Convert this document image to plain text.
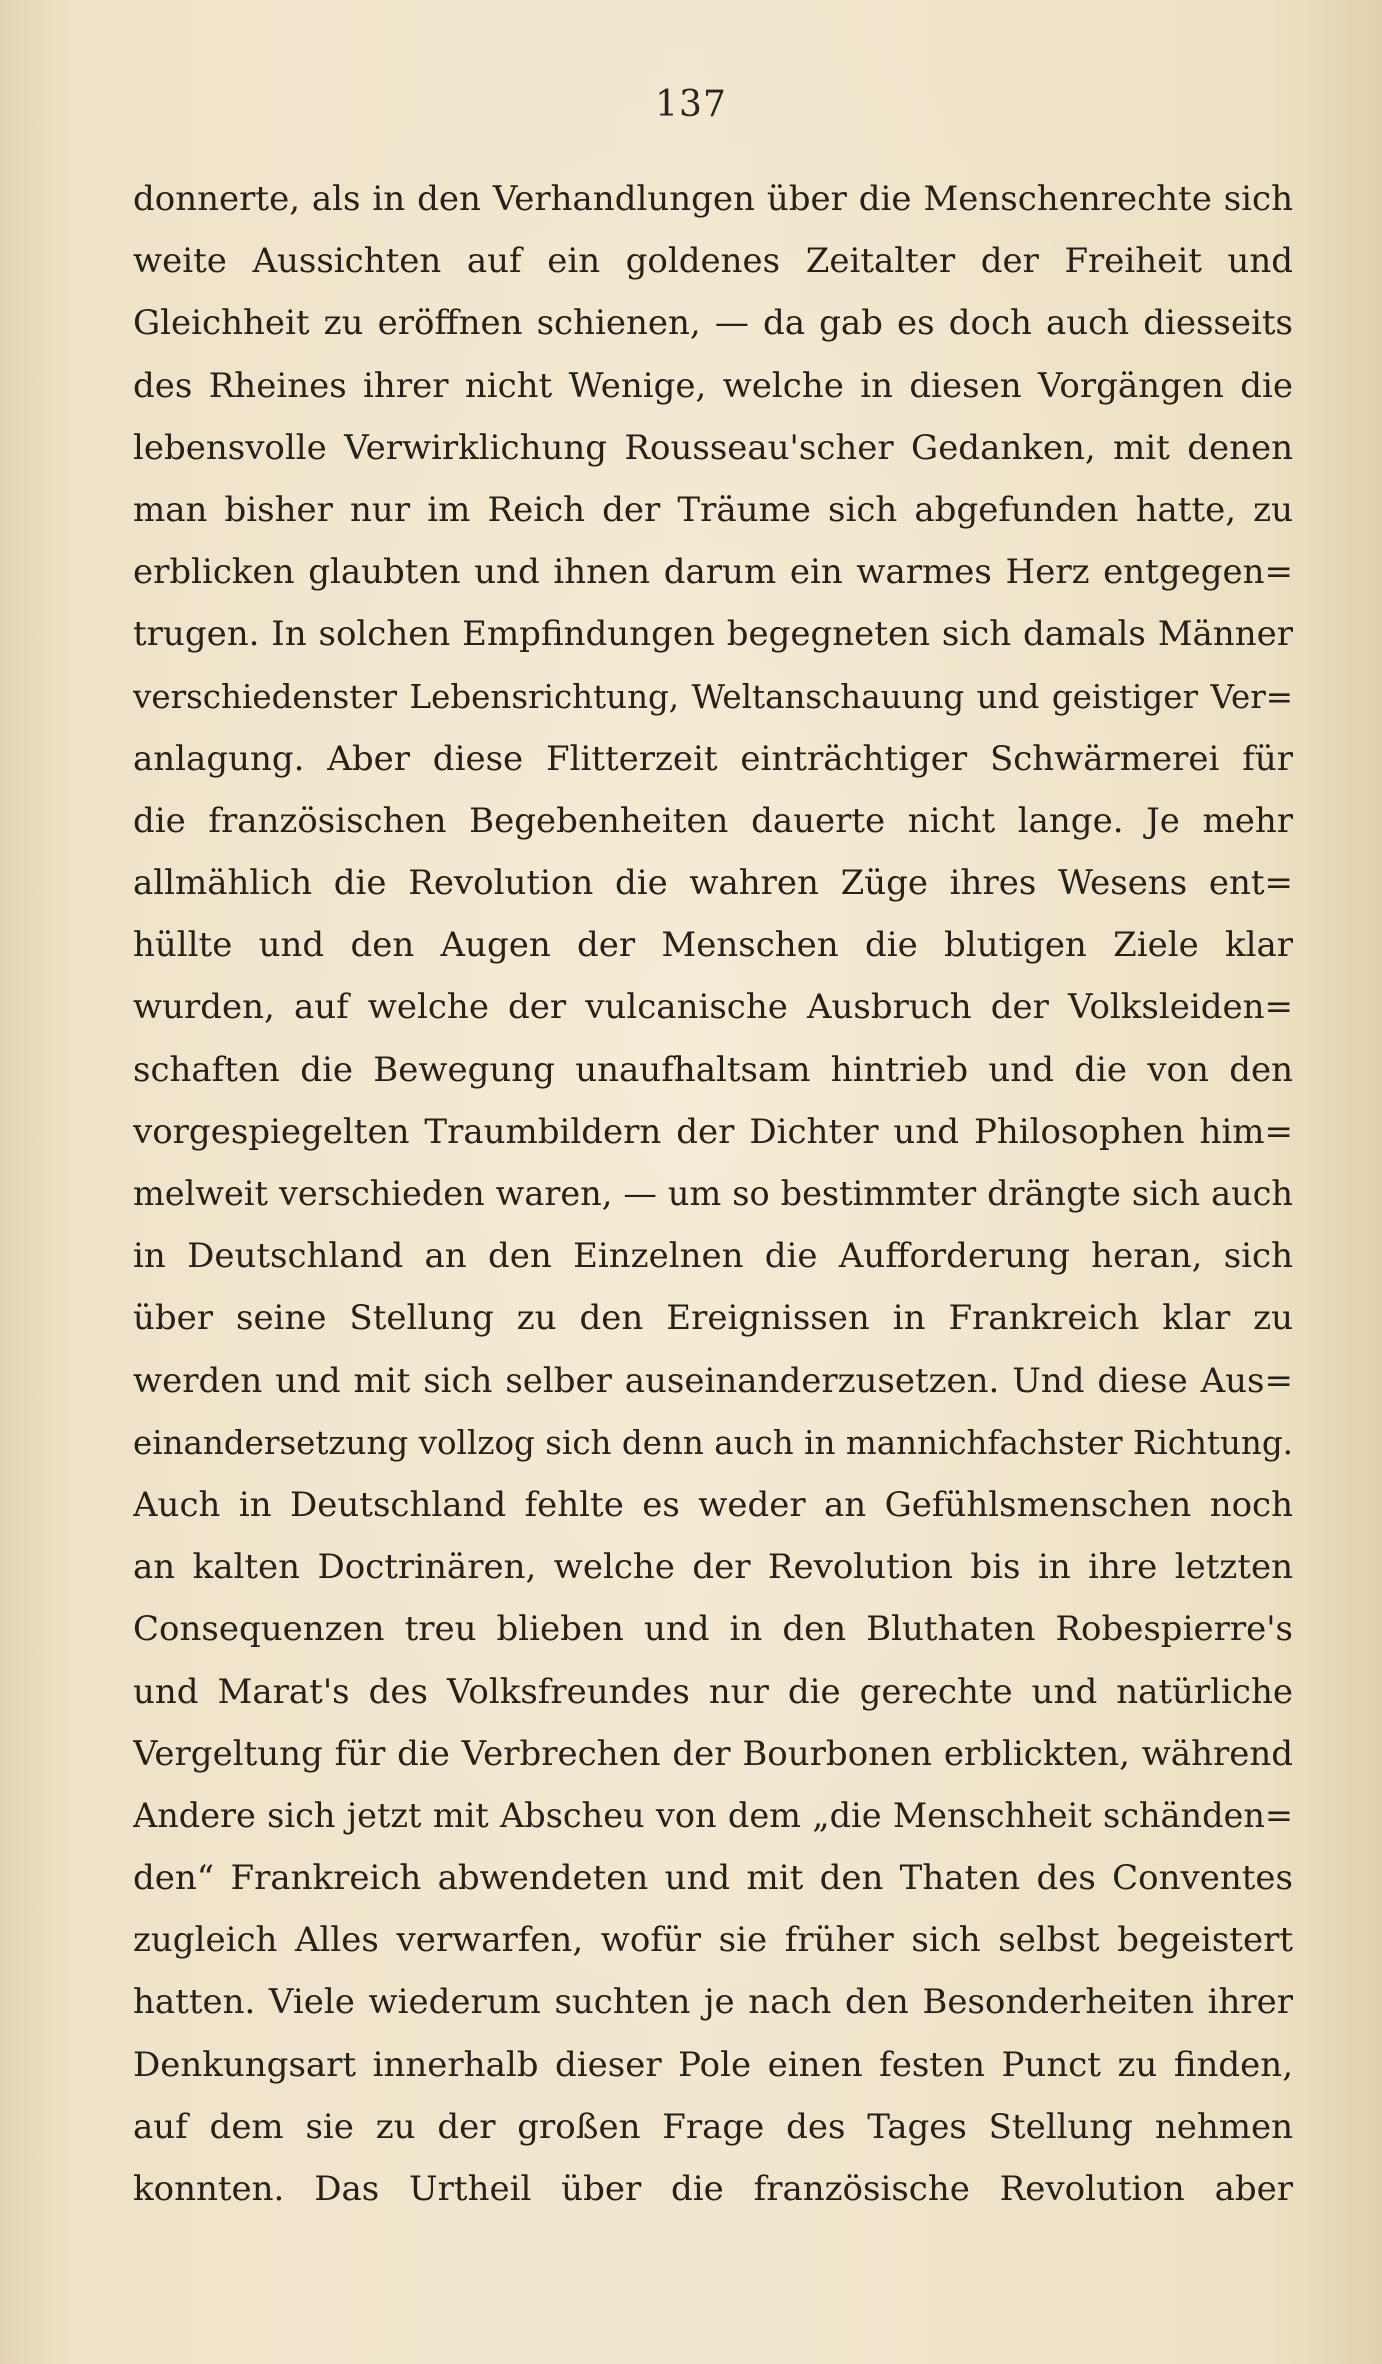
137
donnerte, als in den Verhandlungen über die Menschenrechte sich
weite Aussichten auf ein goldenes Zeitalter der Freiheit und
Gleichheit zu eröffnen schienen, — da gab es doch auch diesseits
des Rheines ihrer nicht Wenige, welche in diesen Vorgängen die
lebensvolle Verwirklichung Rousseau'scher Gedanken, mit denen
man bisher nur im Reich der Träume sich abgefunden hatte, zu
erblicken glaubten und ihnen darum ein warmes Herz entgegen=
trugen. In solchen Empfindungen begegneten sich damals Männer
verschiedenster Lebensrichtung, Weltanschauung und geistiger Ver=
anlagung. Aber diese Flitterzeit einträchtiger Schwärmerei für
die französischen Begebenheiten dauerte nicht lange. Je mehr
allmählich die Revolution die wahren Züge ihres Wesens ent=
hüllte und den Augen der Menschen die blutigen Ziele klar
wurden, auf welche der vulcanische Ausbruch der Volksleiden=
schaften die Bewegung unaufhaltsam hintrieb und die von den
vorgespiegelten Traumbildern der Dichter und Philosophen him=
melweit verschieden waren, — um so bestimmter drängte sich auch
in Deutschland an den Einzelnen die Aufforderung heran, sich
über seine Stellung zu den Ereignissen in Frankreich klar zu
werden und mit sich selber auseinanderzusetzen. Und diese Aus=
einandersetzung vollzog sich denn auch in mannichfachster Richtung.
Auch in Deutschland fehlte es weder an Gefühlsmenschen noch
an kalten Doctrinären, welche der Revolution bis in ihre letzten
Consequenzen treu blieben und in den Bluthaten Robespierre's
und Marat's des Volksfreundes nur die gerechte und natürliche
Vergeltung für die Verbrechen der Bourbonen erblickten, während
Andere sich jetzt mit Abscheu von dem „die Menschheit schänden=
den“ Frankreich abwendeten und mit den Thaten des Conventes
zugleich Alles verwarfen, wofür sie früher sich selbst begeistert
hatten. Viele wiederum suchten je nach den Besonderheiten ihrer
Denkungsart innerhalb dieser Pole einen festen Punct zu finden,
auf dem sie zu der großen Frage des Tages Stellung nehmen
konnten. Das Urtheil über die französische Revolution aber
